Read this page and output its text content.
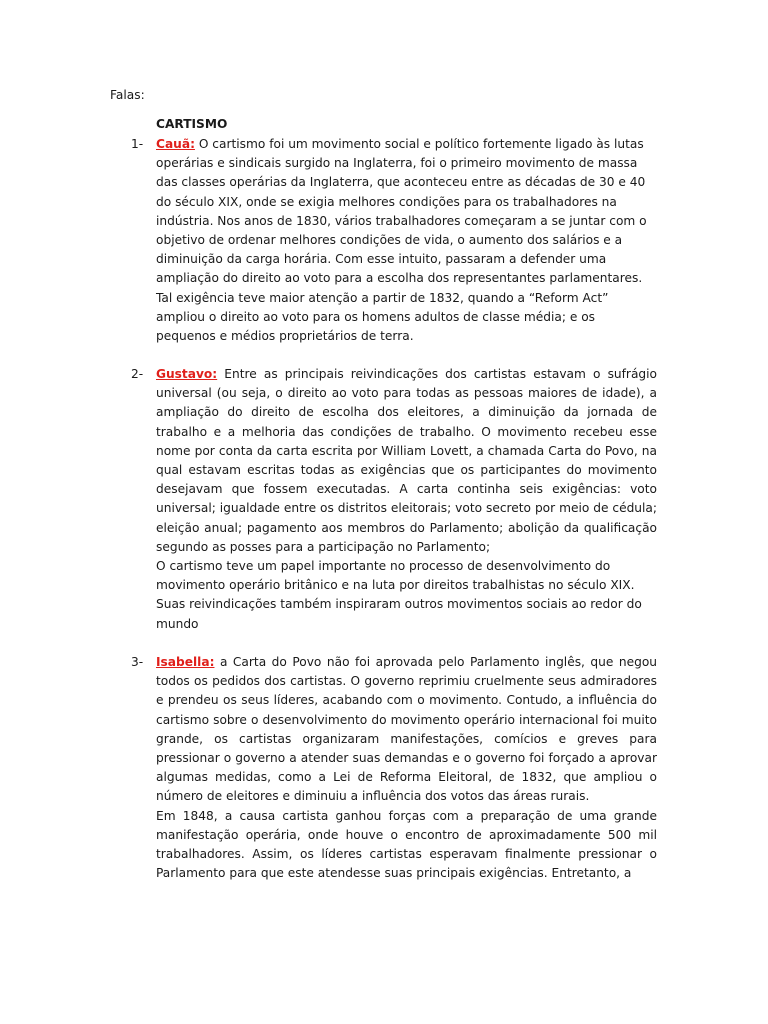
Falas:
CARTISMO
1- Cauã: O cartismo foi um movimento social e político fortemente ligado às lutas operárias e sindicais surgido na Inglaterra, foi o primeiro movimento de massa das classes operárias da Inglaterra, que aconteceu entre as décadas de 30 e 40 do século XIX, onde se exigia melhores condições para os trabalhadores na indústria. Nos anos de 1830, vários trabalhadores começaram a se juntar com o objetivo de ordenar melhores condições de vida, o aumento dos salários e a diminuição da carga horária. Com esse intuito, passaram a defender uma ampliação do direito ao voto para a escolha dos representantes parlamentares. Tal exigência teve maior atenção a partir de 1832, quando a “Reform Act” ampliou o direito ao voto para os homens adultos de classe média; e os pequenos e médios proprietários de terra.

2- Gustavo: Entre as principais reivindicações dos cartistas estavam o sufrágio universal (ou seja, o direito ao voto para todas as pessoas maiores de idade), a ampliação do direito de escolha dos eleitores, a diminuição da jornada de trabalho e a melhoria das condições de trabalho. O movimento recebeu esse nome por conta da carta escrita por William Lovett, a chamada Carta do Povo, na qual estavam escritas todas as exigências que os participantes do movimento desejavam que fossem executadas. A carta continha seis exigências: voto universal; igualdade entre os distritos eleitorais; voto secreto por meio de cédula; eleição anual; pagamento aos membros do Parlamento; abolição da qualificação segundo as posses para a participação no Parlamento;

O cartismo teve um papel importante no processo de desenvolvimento do movimento operário britânico e na luta por direitos trabalhistas no século XIX. Suas reivindicações também inspiraram outros movimentos sociais ao redor do mundo

3- Isabella: a Carta do Povo não foi aprovada pelo Parlamento inglês, que negou todos os pedidos dos cartistas. O governo reprimiu cruelmente seus admiradores e prendeu os seus líderes, acabando com o movimento. Contudo, a influência do cartismo sobre o desenvolvimento do movimento operário internacional foi muito grande, os cartistas organizaram manifestações, comícios e greves para pressionar o governo a atender suas demandas e o governo foi forçado a aprovar algumas medidas, como a Lei de Reforma Eleitoral, de 1832, que ampliou o número de eleitores e diminuiu a influência dos votos das áreas rurais.

Em 1848, a causa cartista ganhou forças com a preparação de uma grande manifestação operária, onde houve o encontro de aproximadamente 500 mil trabalhadores. Assim, os líderes cartistas esperavam finalmente pressionar o Parlamento para que este atendesse suas principais exigências. Entretanto, a
